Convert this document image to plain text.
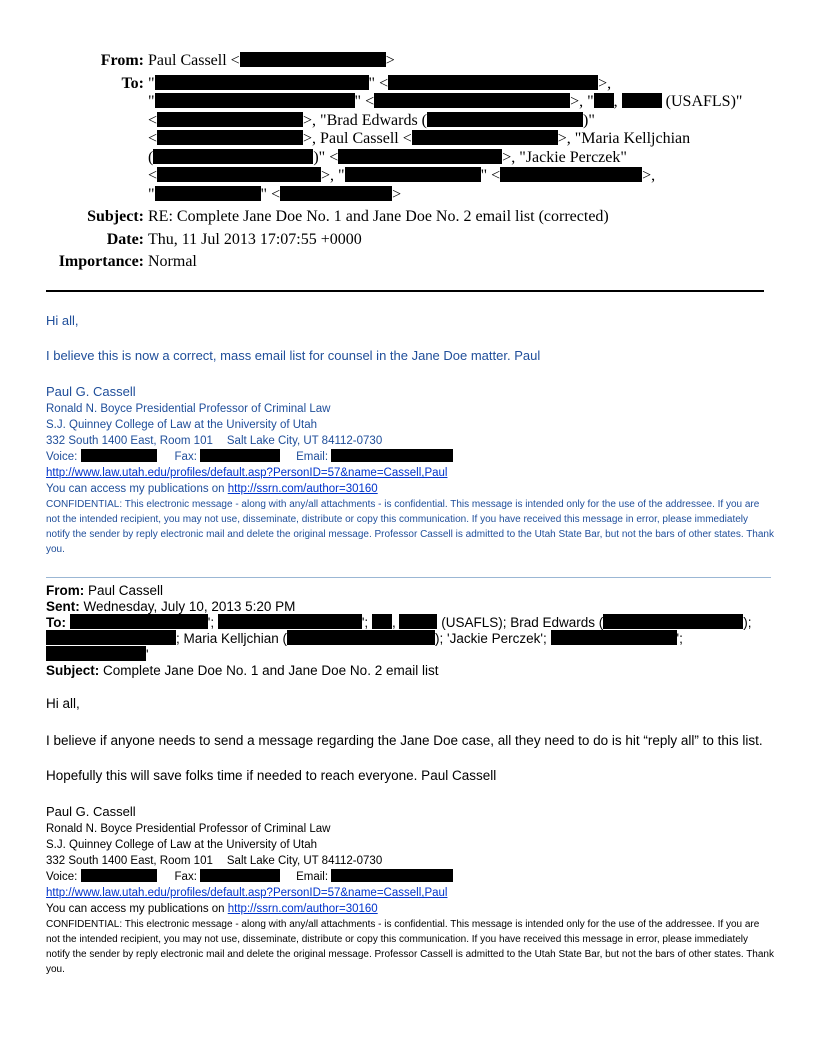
From: Paul Cassell <	>
To: "	" <	>,
"	" <	>, " ,	(USAFLS)"
<	>, "Brad Edwards (	)"
<	>, Paul Cassell <	>, "Maria Kelljchian
(	)" <	>, "Jackie Perczek"
<	>, "	" <	>,
"	" <	>
Subject: RE: Complete Jane Doe No. 1 and Jane Doe No. 2 email list (corrected)
Date: Thu, 11 Jul 2013 17:07:55 +0000
Importance: Normal
Hi all,
I believe this is now a correct, mass email list for counsel in the Jane Doe matter. Paul
Paul G. Cassell
Ronald N. Boyce Presidential Professor of Criminal Law
S.J. Quinney College of Law at the University of Utah
332 South 1400 East, Room 101 Salt Lake City, UT 84112-0730
Voice:	Fax:	Email:
http://www.law.utah.edu/profiles/default.asp?PersonID=57&name=Cassell,Paul
You can access my publications on http://ssrn.com/author=30160
CONFIDENTIAL: This electronic message - along with any/all attachments - is confidential. This message is intended only for the use of the addressee. If you are not the intended recipient, you may not use, disseminate, distribute or copy this communication. If you have received this message in error, please immediately notify the sender by reply electronic mail and delete the original message. Professor Cassell is admitted to the Utah State Bar, but not the bars of other states. Thank you.
From: Paul Cassell
Sent: Wednesday, July 10, 2013 5:20 PM
To:	';	'; ,	(USAFLS); Brad Edwards (	);
; Maria Kelljchian (	); 'Jackie Perczek';	';
'
Subject: Complete Jane Doe No. 1 and Jane Doe No. 2 email list
Hi all,
I believe if anyone needs to send a message regarding the Jane Doe case, all they need to do is hit “reply all” to this list.
Hopefully this will save folks time if needed to reach everyone. Paul Cassell
Paul G. Cassell
Ronald N. Boyce Presidential Professor of Criminal Law
S.J. Quinney College of Law at the University of Utah
332 South 1400 East, Room 101 Salt Lake City, UT 84112-0730
Voice:	Fax:	Email:
http://www.law.utah.edu/profiles/default.asp?PersonID=57&name=Cassell,Paul
You can access my publications on http://ssrn.com/author=30160
CONFIDENTIAL: This electronic message - along with any/all attachments - is confidential. This message is intended only for the use of the addressee. If you are not the intended recipient, you may not use, disseminate, distribute or copy this communication. If you have received this message in error, please immediately notify the sender by reply electronic mail and delete the original message. Professor Cassell is admitted to the Utah State Bar, but not the bars of other states. Thank you.
